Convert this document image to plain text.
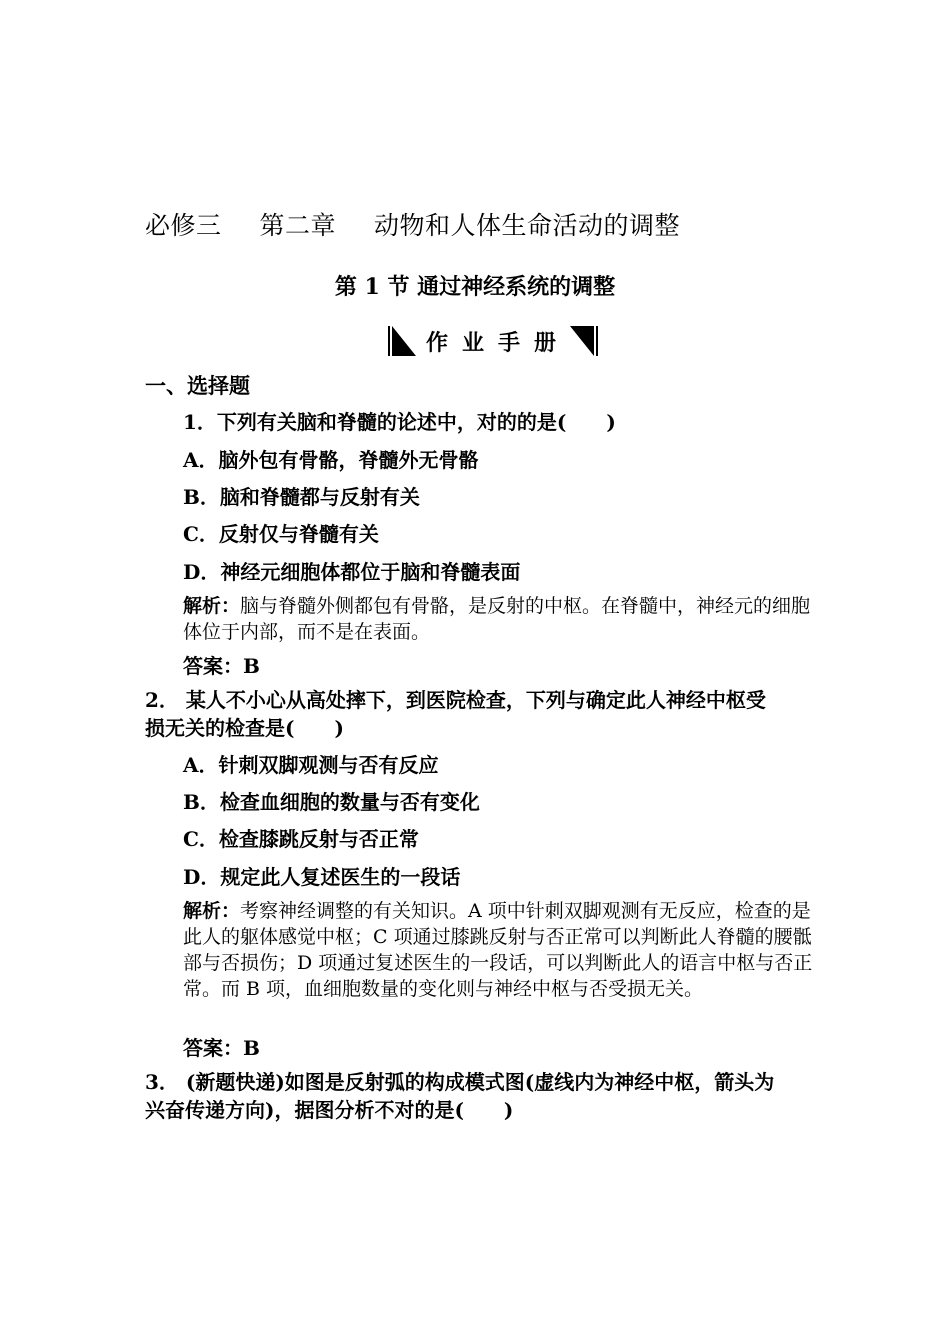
必修三 第二章 动物和人体生命活动的调整
第 1 节 通过神经系统的调整
作业手册
一、选择题
1．下列有关脑和脊髓的论述中，对的的是(　　)
A．脑外包有骨骼，脊髓外无骨骼
B．脑和脊髓都与反射有关
C．反射仅与脊髓有关
D．神经元细胞体都位于脑和脊髓表面
解析：脑与脊髓外侧都包有骨骼，是反射的中枢。在脊髓中，神经元的细胞体位于内部，而不是在表面。
答案：B
2． 某人不小心从高处摔下，到医院检查，下列与确定此人神经中枢受损无关的检查是(　　)
A．针刺双脚观测与否有反应
B．检查血细胞的数量与否有变化
C．检查膝跳反射与否正常
D．规定此人复述医生的一段话
解析：考察神经调整的有关知识。A 项中针刺双脚观测有无反应，检查的是此人的躯体感觉中枢；C 项通过膝跳反射与否正常可以判断此人脊髓的腰骶部与否损伤；D 项通过复述医生的一段话，可以判断此人的语言中枢与否正常。而 B 项，血细胞数量的变化则与神经中枢与否受损无关。
答案：B
3． (新题快递)如图是反射弧的构成模式图(虚线内为神经中枢，箭头为兴奋传递方向)，据图分析不对的是(　　)
